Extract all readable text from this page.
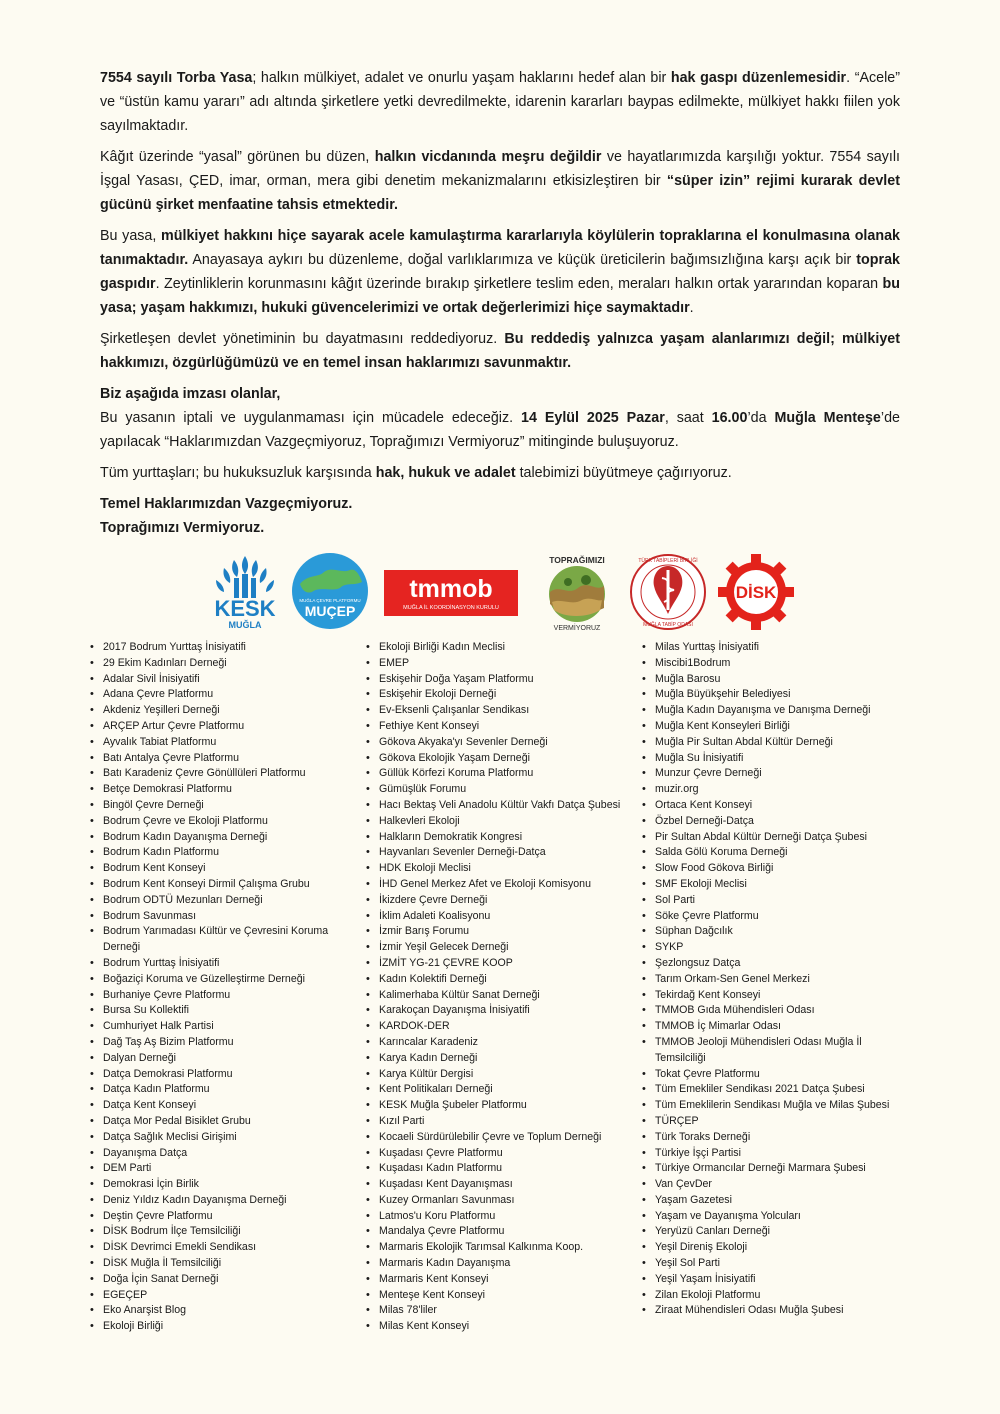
7554 sayılı Torba Yasa; halkın mülkiyet, adalet ve onurlu yaşam haklarını hedef alan bir hak gaspı düzenlemesidir. “Acele” ve “üstün kamu yararı” adı altında şirketlere yetki devredilmekte, idarenin kararları baypas edilmekte, mülkiyet hakkı fiilen yok sayılmaktadır.

Kâğıt üzerinde “yasal” görünen bu düzen, halkın vicdanında meşru değildir ve hayatlarımızda karşılığı yoktur. 7554 sayılı İşgal Yasası, ÇED, imar, orman, mera gibi denetim mekanizmalarını etkisizleştiren bir “süper izin” rejimi kurarak devlet gücünü şirket menfaatine tahsis etmektedir.

Bu yasa, mülkiyet hakkını hiçe sayarak acele kamulaştırma kararlarıyla köylülerin topraklarına el konulmasına olanak tanımaktadır. Anayasaya aykırı bu düzenleme, doğal varlıklarımıza ve küçük üreticilerin bağımsızlığına karşı açık bir toprak gaspıdır. Zeytinliklerin korunmasını kâğıt üzerinde bırakıp şirketlere teslim eden, meraları halkın ortak yararından koparan bu yasa; yaşam hakkımızı, hukuki güvencelerimizi ve ortak değerlerimizi hiçe saymaktadır.

Şirketleşen devlet yönetiminin bu dayatmasını reddediyoruz. Bu reddediş yalnızca yaşam alanlarımızı değil; mülkiyet hakkımızı, özgürlüğümüzü ve en temel insan haklarımızı savunmaktır.

Biz aşağıda imzası olanlar,

Bu yasanın iptali ve uygulanmaması için mücadele edeceğiz. 14 Eylül 2025 Pazar, saat 16.00’da Muğla Menteşe’de yapılacak “Haklarımızdan Vazgeçmiyoruz, Toprağımızı Vermiyoruz” mitinginde buluşuyoruz.

Tüm yurttaşları; bu hukuksuzluk karşısında hak, hukuk ve adalet talebimizi büyütmeye çağırıyoruz.

Temel Haklarımızdan Vazgeçmiyoruz.

Toprağımızı Vermiyoruz.

KESK
MUĞLA
MUĞLA ÇEVRE PLATFORMU
MUÇEP
tmmob
MUĞLA İL KOORDİNASYON KURULU
TOPRAĞIMIZI
VERMİYORUZ
TÜRK TABİPLERİ BİRLİĞİ
MUĞLA TABİP ODASI
DİSK
• 2017 Bodrum Yurttaş İnisiyatifi
• 29 Ekim Kadınları Derneği
• Adalar Sivil İnisiyatifi
• Adana Çevre Platformu
• Akdeniz Yeşilleri Derneği
• ARÇEP Artur Çevre Platformu
• Ayvalık Tabiat Platformu
• Batı Antalya Çevre Platformu
• Batı Karadeniz Çevre Gönüllüleri Platformu
• Betçe Demokrasi Platformu
• Bingöl Çevre Derneği
• Bodrum Çevre ve Ekoloji Platformu
• Bodrum Kadın Dayanışma Derneği
• Bodrum Kadın Platformu
• Bodrum Kent Konseyi
• Bodrum Kent Konseyi Dirmil Çalışma Grubu
• Bodrum ODTÜ Mezunları Derneği
• Bodrum Savunması
• Bodrum Yarımadası Kültür ve Çevresini Koruma Derneği
• Bodrum Yurttaş İnisiyatifi
• Boğaziçi Koruma ve Güzelleştirme Derneği
• Burhaniye Çevre Platformu
• Bursa Su Kollektifi
• Cumhuriyet Halk Partisi
• Dağ Taş Aş Bizim Platformu
• Dalyan Derneği
• Datça Demokrasi Platformu
• Datça Kadın Platformu
• Datça Kent Konseyi
• Datça Mor Pedal Bisiklet Grubu
• Datça Sağlık Meclisi Girişimi
• Dayanışma Datça
• DEM Parti
• Demokrasi İçin Birlik
• Deniz Yıldız Kadın Dayanışma Derneği
• Deştin Çevre Platformu
• DİSK Bodrum İlçe Temsilciliği
• DİSK Devrimci Emekli Sendikası
• DİSK Muğla İl Temsilciliği
• Doğa İçin Sanat Derneği
• EGEÇEP
• Eko Anarşist Blog
• Ekoloji Birliği
• Ekoloji Birliği Kadın Meclisi
• EMEP
• Eskişehir Doğa Yaşam Platformu
• Eskişehir Ekoloji Derneği
• Ev-Eksenli Çalışanlar Sendikası
• Fethiye Kent Konseyi
• Gökova Akyaka'yı Sevenler Derneği
• Gökova Ekolojik Yaşam Derneği
• Güllük Körfezi Koruma Platformu
• Gümüşlük Forumu
• Hacı Bektaş Veli Anadolu Kültür Vakfı Datça Şubesi
• Halkevleri Ekoloji
• Halkların Demokratik Kongresi
• Hayvanları Sevenler Derneği-Datça
• HDK Ekoloji Meclisi
• İHD Genel Merkez Afet ve Ekoloji Komisyonu
• İkizdere Çevre Derneği
• İklim Adaleti Koalisyonu
• İzmir Barış Forumu
• İzmir Yeşil Gelecek Derneği
• İZMİT YG-21 ÇEVRE KOOP
• Kadın Kolektifi Derneği
• Kalimerhaba Kültür Sanat Derneği
• Karakoçan Dayanışma İnisiyatifi
• KARDOK-DER
• Karıncalar Karadeniz
• Karya Kadın Derneği
• Karya Kültür Dergisi
• Kent Politikaları Derneği
• KESK Muğla Şubeler Platformu
• Kızıl Parti
• Kocaeli Sürdürülebilir Çevre ve Toplum Derneği
• Kuşadası Çevre Platformu
• Kuşadası Kadın Platformu
• Kuşadası Kent Dayanışması
• Kuzey Ormanları Savunması
• Latmos'u Koru Platformu
• Mandalya Çevre Platformu
• Marmaris Ekolojik Tarımsal Kalkınma Koop.
• Marmaris Kadın Dayanışma
• Marmaris Kent Konseyi
• Menteşe Kent Konseyi
• Milas 78'liler
• Milas Kent Konseyi
• Milas Yurttaş İnisiyatifi
• Miscibi1Bodrum
• Muğla Barosu
• Muğla Büyükşehir Belediyesi
• Muğla Kadın Dayanışma ve Danışma Derneği
• Muğla Kent Konseyleri Birliği
• Muğla Pir Sultan Abdal Kültür Derneği
• Muğla Su İnisiyatifi
• Munzur Çevre Derneği
• muzir.org
• Ortaca Kent Konseyi
• Özbel Derneği-Datça
• Pir Sultan Abdal Kültür Derneği Datça Şubesi
• Salda Gölü Koruma Derneği
• Slow Food Gökova Birliği
• SMF Ekoloji Meclisi
• Sol Parti
• Söke Çevre Platformu
• Süphan Dağcılık
• SYKP
• Şezlongsuz Datça
• Tarım Orkam-Sen Genel Merkezi
• Tekirdağ Kent Konseyi
• TMMOB Gıda Mühendisleri Odası
• TMMOB İç Mimarlar Odası
• TMMOB Jeoloji Mühendisleri Odası Muğla İl Temsilciliği
• Tokat Çevre Platformu
• Tüm Emekliler Sendikası 2021 Datça Şubesi
• Tüm Emeklilerin Sendikası Muğla ve Milas Şubesi
• TÜRÇEP
• Türk Toraks Derneği
• Türkiye İşçi Partisi
• Türkiye Ormancılar Derneği Marmara Şubesi
• Van ÇevDer
• Yaşam Gazetesi
• Yaşam ve Dayanışma Yolcuları
• Yeryüzü Canları Derneği
• Yeşil Direniş Ekoloji
• Yeşil Sol Parti
• Yeşil Yaşam İnisiyatifi
• Zilan Ekoloji Platformu
• Ziraat Mühendisleri Odası Muğla Şubesi
